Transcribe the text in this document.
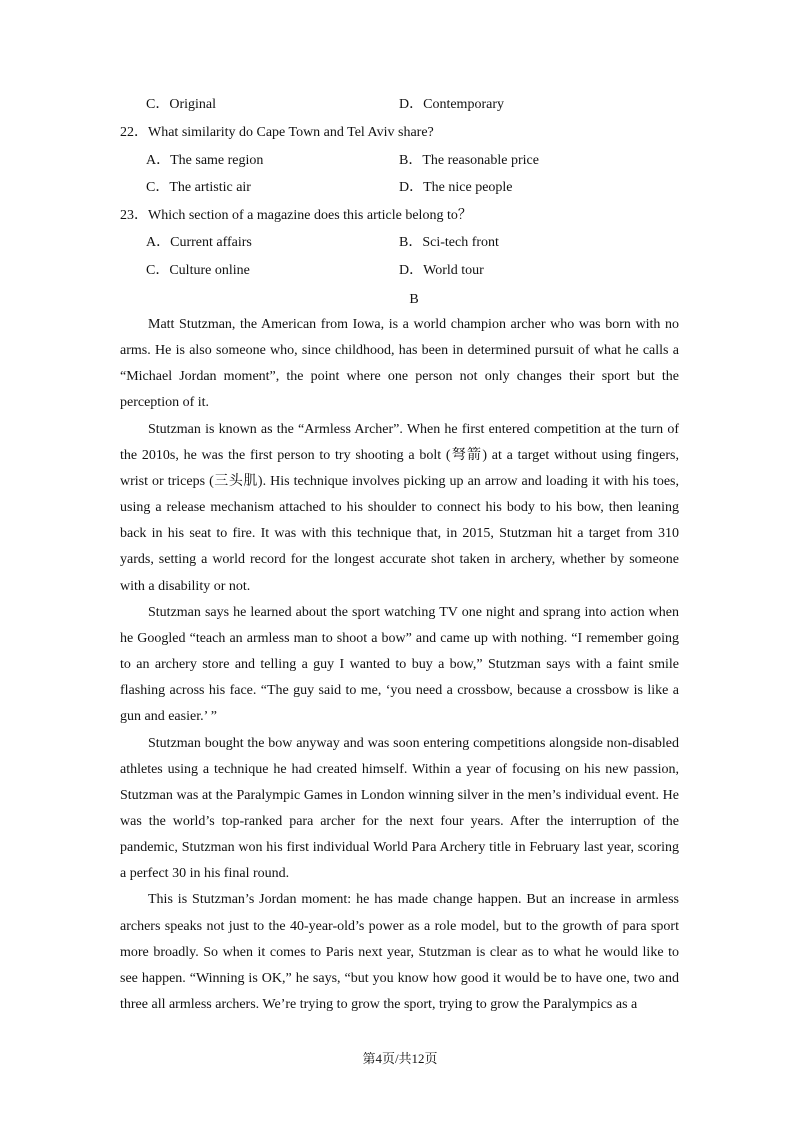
C．Original	D．Contemporary
22．What similarity do Cape Town and Tel Aviv share?
A．The same region	B．The reasonable price
C．The artistic air	D．The nice people
23．Which section of a magazine does this article belong to？
A．Current affairs	B．Sci-tech front
C．Culture online	D．World tour
B

Matt Stutzman, the American from Iowa, is a world champion archer who was born with no arms. He is also someone who, since childhood, has been in determined pursuit of what he calls a “Michael Jordan moment”, the point where one person not only changes their sport but the perception of it.

Stutzman is known as the “Armless Archer”. When he first entered competition at the turn of the 2010s, he was the first person to try shooting a bolt (弩箭) at a target without using fingers, wrist or triceps (三头肌). His technique involves picking up an arrow and loading it with his toes, using a release mechanism attached to his shoulder to connect his body to his bow, then leaning back in his seat to fire. It was with this technique that, in 2015, Stutzman hit a target from 310 yards, setting a world record for the longest accurate shot taken in archery, whether by someone with a disability or not.

Stutzman says he learned about the sport watching TV one night and sprang into action when he Googled “teach an armless man to shoot a bow” and came up with nothing. “I remember going to an archery store and telling a guy I wanted to buy a bow,” Stutzman says with a faint smile flashing across his face. “The guy said to me, ‘you need a crossbow, because a crossbow is like a gun and easier.’ ”

Stutzman bought the bow anyway and was soon entering competitions alongside non-disabled athletes using a technique he had created himself. Within a year of focusing on his new passion, Stutzman was at the Paralympic Games in London winning silver in the men’s individual event. He was the world’s top-ranked para archer for the next four years. After the interruption of the pandemic, Stutzman won his first individual World Para Archery title in February last year, scoring a perfect 30 in his final round.

This is Stutzman’s Jordan moment: he has made change happen. But an increase in armless archers speaks not just to the 40-year-old’s power as a role model, but to the growth of para sport more broadly. So when it comes to Paris next year, Stutzman is clear as to what he would like to see happen. “Winning is OK,” he says, “but you know how good it would be to have one, two and three all armless archers. We’re trying to grow the sport, trying to grow the Paralympics as a

第4页/共12页
